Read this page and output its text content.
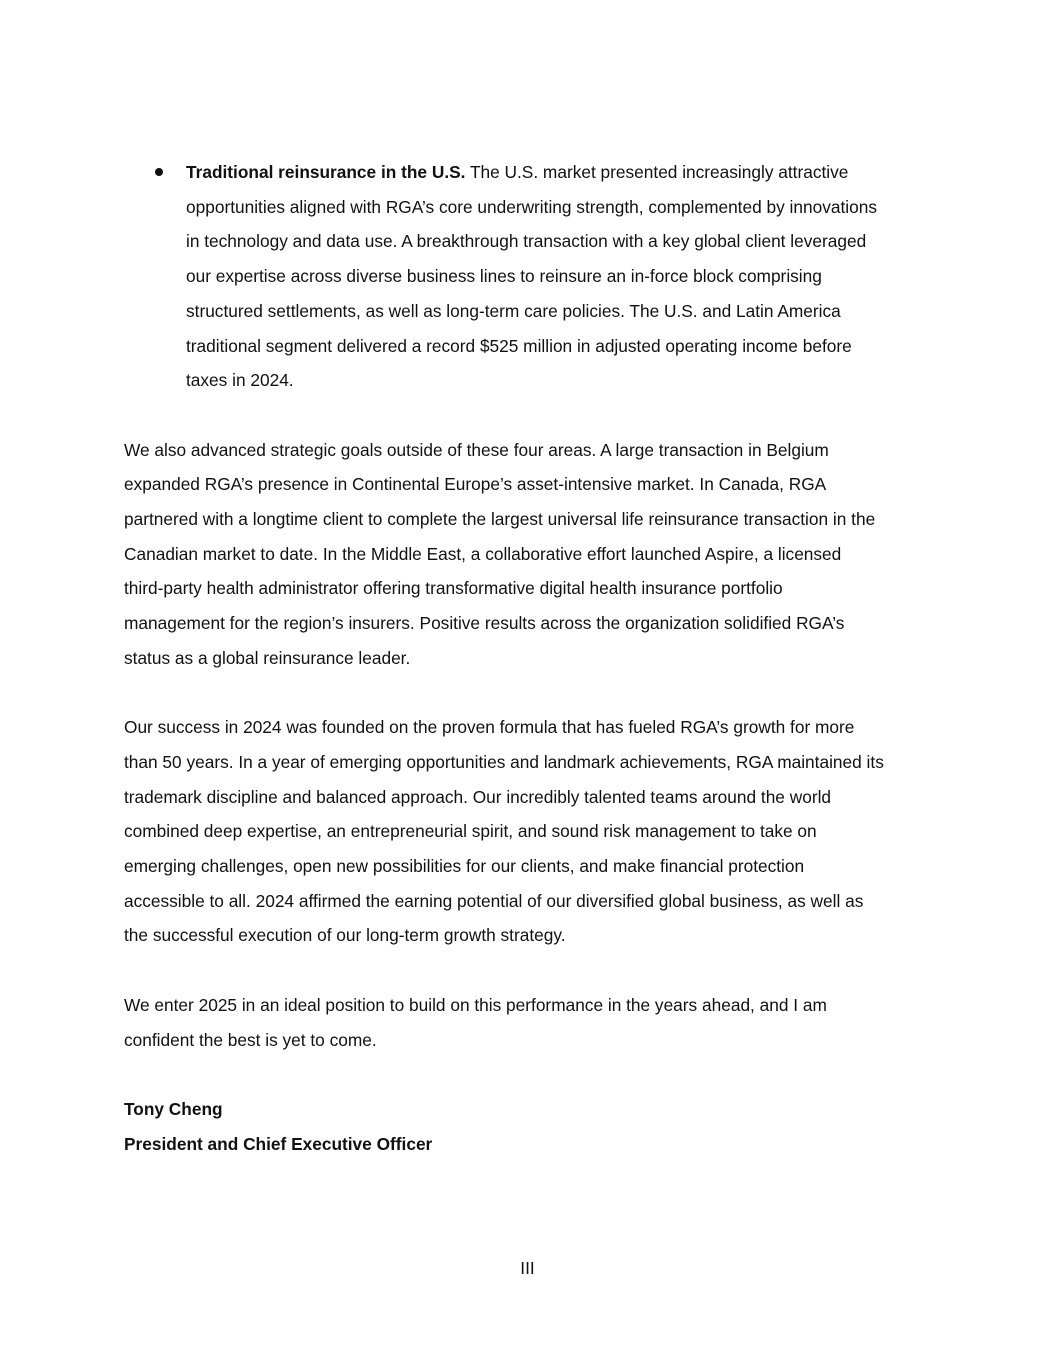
Traditional reinsurance in the U.S. The U.S. market presented increasingly attractive
opportunities aligned with RGA’s core underwriting strength, complemented by innovations
in technology and data use. A breakthrough transaction with a key global client leveraged
our expertise across diverse business lines to reinsure an in-force block comprising
structured settlements, as well as long-term care policies. The U.S. and Latin America
traditional segment delivered a record $525 million in adjusted operating income before
taxes in 2024.
We also advanced strategic goals outside of these four areas. A large transaction in Belgium
expanded RGA’s presence in Continental Europe’s asset-intensive market. In Canada, RGA
partnered with a longtime client to complete the largest universal life reinsurance transaction in the
Canadian market to date. In the Middle East, a collaborative effort launched Aspire, a licensed
third-party health administrator offering transformative digital health insurance portfolio
management for the region’s insurers. Positive results across the organization solidified RGA’s
status as a global reinsurance leader.
Our success in 2024 was founded on the proven formula that has fueled RGA’s growth for more
than 50 years. In a year of emerging opportunities and landmark achievements, RGA maintained its
trademark discipline and balanced approach. Our incredibly talented teams around the world
combined deep expertise, an entrepreneurial spirit, and sound risk management to take on
emerging challenges, open new possibilities for our clients, and make financial protection
accessible to all. 2024 affirmed the earning potential of our diversified global business, as well as
the successful execution of our long-term growth strategy.
We enter 2025 in an ideal position to build on this performance in the years ahead, and I am
confident the best is yet to come.
Tony Cheng
President and Chief Executive Officer
III
